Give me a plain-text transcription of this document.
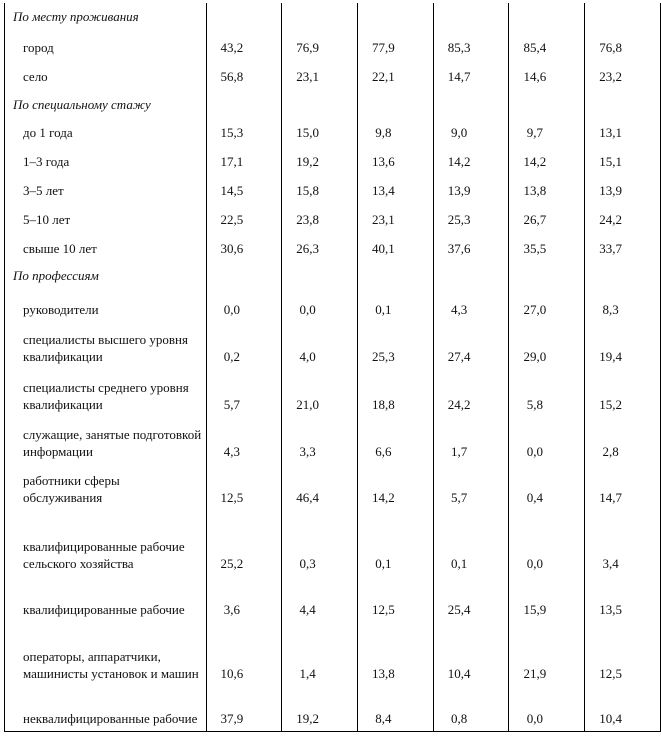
По месту проживания						
город	43,2	76,9	77,9	85,3	85,4	76,8
село	56,8	23,1	22,1	14,7	14,6	23,2
По специальному стажу						
до 1 года	15,3	15,0	9,8	9,0	9,7	13,1
1–3 года	17,1	19,2	13,6	14,2	14,2	15,1
3–5 лет	14,5	15,8	13,4	13,9	13,8	13,9
5–10 лет	22,5	23,8	23,1	25,3	26,7	24,2
свыше 10 лет	30,6	26,3	40,1	37,6	35,5	33,7
По профессиям						
руководители	0,0	0,0	0,1	4,3	27,0	8,3
специалисты высшего уровня квалификации	0,2	4,0	25,3	27,4	29,0	19,4
специалисты среднего уровня квалификации	5,7	21,0	18,8	24,2	5,8	15,2
служащие, занятые подготовкой информации	4,3	3,3	6,6	1,7	0,0	2,8
работники сферы обслуживания	12,5	46,4	14,2	5,7	0,4	14,7
квалифицированные рабочие сельского хозяйства	25,2	0,3	0,1	0,1	0,0	3,4
квалифицированные рабочие	3,6	4,4	12,5	25,4	15,9	13,5
операторы, аппаратчики, машинисты установок и машин	10,6	1,4	13,8	10,4	21,9	12,5
неквалифицированные рабочие	37,9	19,2	8,4	0,8	0,0	10,4
